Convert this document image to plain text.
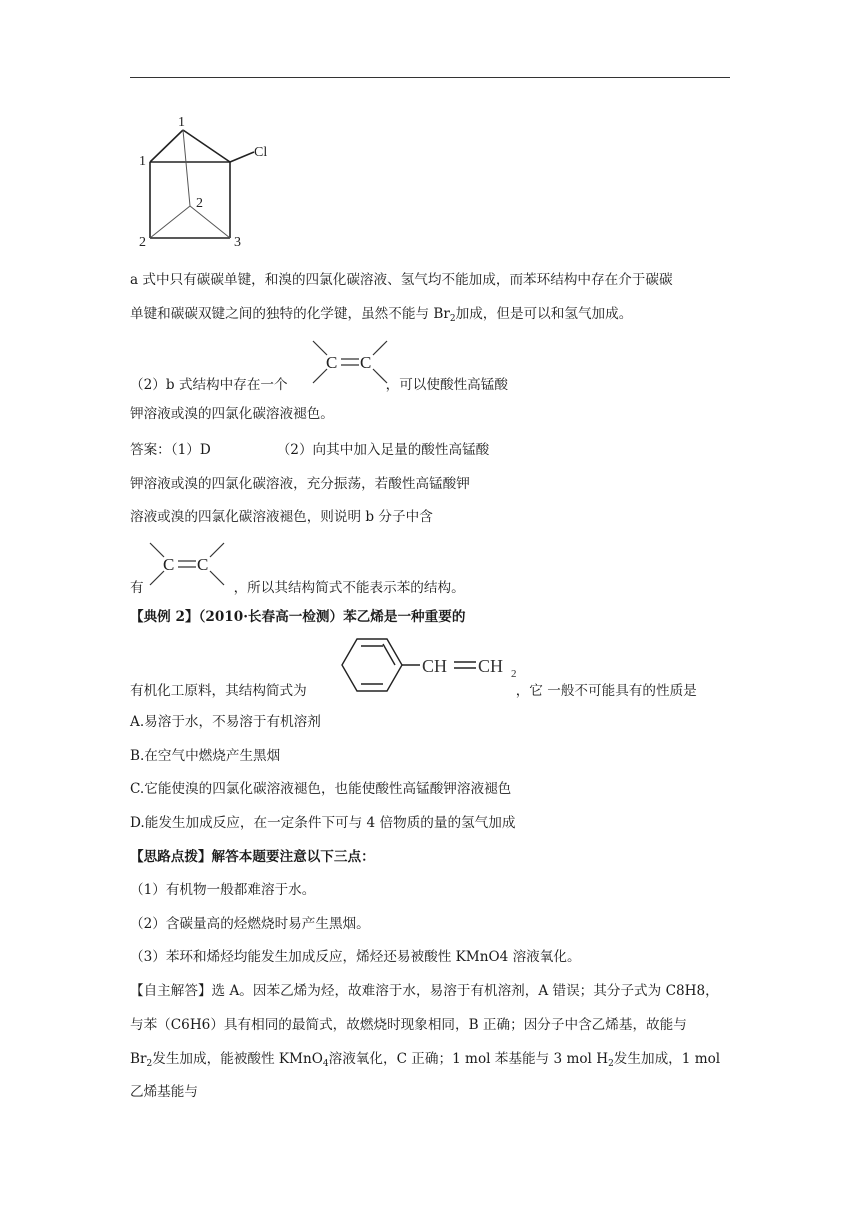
1
1
Cl
2
2	3
a 式中只有碳碳单键，和溴的四氯化碳溶液、氢气均不能加成，而苯环结构中存在介于碳碳
单键和碳碳双键之间的独特的化学键，虽然不能与 $Br_2$加成，但是可以和氢气加成。
C C
（2）b 式结构中存在一个	，可以使酸性高锰酸
钾溶液或溴的四氯化碳溶液褪色。
答案：（1）D	（2）向其中加入足量的酸性高锰酸
钾溶液或溴的四氯化碳溶液，充分振荡，若酸性高锰酸钾
溶液或溴的四氯化碳溶液褪色，则说明 b 分子中含
C C
有	，所以其结构简式不能表示苯的结构。
【典例 2】（2010·长春高一检测）苯乙烯是一种重要的
CH CH 2
有机化工原料，其结构简式为	，它 一般不可能具有的性质是
A.易溶于水，不易溶于有机溶剂
B.在空气中燃烧产生黑烟
C.它能使溴的四氯化碳溶液褪色，也能使酸性高锰酸钾溶液褪色
D.能发生加成反应，在一定条件下可与 4 倍物质的量的氢气加成
【思路点拨】解答本题要注意以下三点：
（1）有机物一般都难溶于水。
（2）含碳量高的烃燃烧时易产生黑烟。
（3）苯环和烯烃均能发生加成反应，烯烃还易被酸性 KMnO4 溶液氧化。
【自主解答】选 A。因苯乙烯为烃，故难溶于水，易溶于有机溶剂，A 错误；其分子式为 C8H8，
与苯（C6H6）具有相同的最简式，故燃烧时现象相同，B 正确；因分子中含乙烯基，故能与
$Br_2$发生加成，能被酸性 KMnO$_4$溶液氧化，C 正确；1 mol 苯基能与 3 mol $H_2$发生加成，1 mol
乙烯基能与
